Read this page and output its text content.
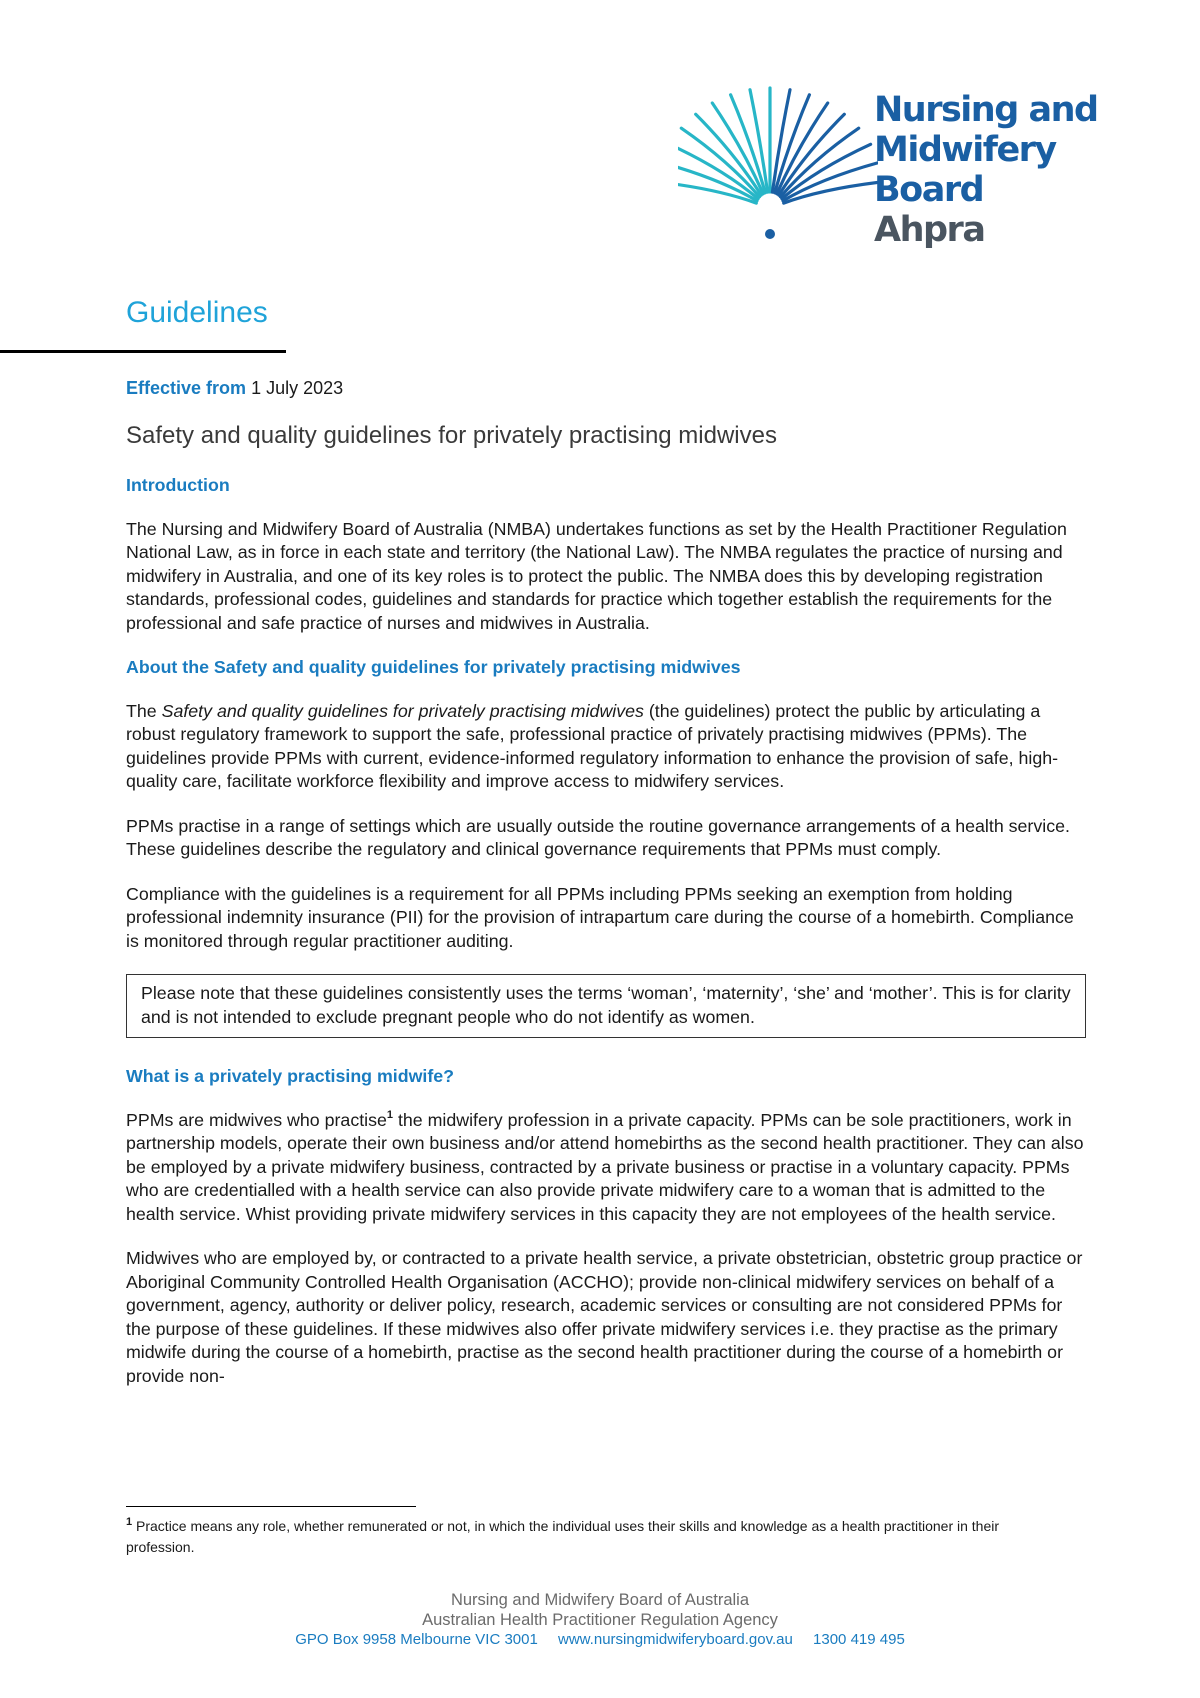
Nursing and
Midwifery Board
Ahpra
Guidelines
Effective from 1 July 2023
Safety and quality guidelines for privately practising midwives
Introduction

The Nursing and Midwifery Board of Australia (NMBA) undertakes functions as set by the Health Practitioner Regulation National Law, as in force in each state and territory (the National Law). The NMBA regulates the practice of nursing and midwifery in Australia, and one of its key roles is to protect the public. The NMBA does this by developing registration standards, professional codes, guidelines and standards for practice which together establish the requirements for the professional and safe practice of nurses and midwives in Australia.

About the Safety and quality guidelines for privately practising midwives

The Safety and quality guidelines for privately practising midwives (the guidelines) protect the public by articulating a robust regulatory framework to support the safe, professional practice of privately practising midwives (PPMs). The guidelines provide PPMs with current, evidence-informed regulatory information to enhance the provision of safe, high-quality care, facilitate workforce flexibility and improve access to midwifery services.

PPMs practise in a range of settings which are usually outside the routine governance arrangements of a health service. These guidelines describe the regulatory and clinical governance requirements that PPMs must comply.

Compliance with the guidelines is a requirement for all PPMs including PPMs seeking an exemption from holding professional indemnity insurance (PII) for the provision of intrapartum care during the course of a homebirth. Compliance is monitored through regular practitioner auditing.

Please note that these guidelines consistently uses the terms ‘woman’, ‘maternity’, ‘she’ and ‘mother’. This is for clarity and is not intended to exclude pregnant people who do not identify as women.
What is a privately practising midwife?

PPMs are midwives who practise$^1$ the midwifery profession in a private capacity. PPMs can be sole practitioners, work in partnership models, operate their own business and/or attend homebirths as the second health practitioner. They can also be employed by a private midwifery business, contracted by a private business or practise in a voluntary capacity. PPMs who are credentialled with a health service can also provide private midwifery care to a woman that is admitted to the health service. Whist providing private midwifery services in this capacity they are not employees of the health service.

Midwives who are employed by, or contracted to a private health service, a private obstetrician, obstetric group practice or Aboriginal Community Controlled Health Organisation (ACCHO); provide non-clinical midwifery services on behalf of a government, agency, authority or deliver policy, research, academic services or consulting are not considered PPMs for the purpose of these guidelines. If these midwives also offer private midwifery services i.e. they practise as the primary midwife during the course of a homebirth, practise as the second health practitioner during the course of a homebirth or provide non-

$^1$ Practice means any role, whether remunerated or not, in which the individual uses their skills and knowledge as a health practitioner in their profession.
Nursing and Midwifery Board of Australia
Australian Health Practitioner Regulation Agency
GPO Box 9958 Melbourne VIC 3001 www.nursingmidwiferyboard.gov.au 1300 419 495
